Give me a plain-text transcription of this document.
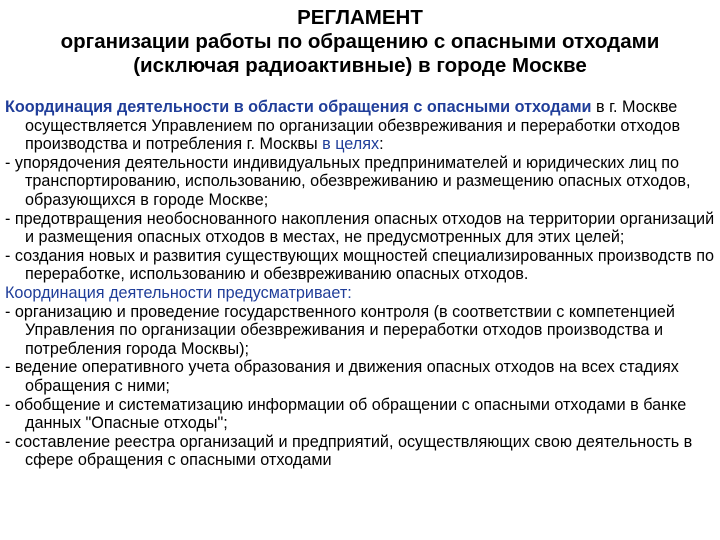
РЕГЛАМЕНТ
организации работы по обращению с опасными отходами
(исключая радиоактивные) в городе Москве
Координация деятельности в области обращения с опасными отходами в г. Москве осуществляется Управлением по организации обезвреживания и переработки отходов производства и потребления г. Москвы в целях:
- упорядочения деятельности индивидуальных предпринимателей и юридических лиц по транспортированию, использованию, обезвреживанию и размещению опасных отходов, образующихся в городе Москве;
- предотвращения необоснованного накопления опасных отходов на территории организаций и размещения опасных отходов в местах, не предусмотренных для этих целей;
- создания новых и развития существующих мощностей специализированных производств по переработке, использованию и обезвреживанию опасных отходов.
Координация деятельности предусматривает:
- организацию и проведение государственного контроля (в соответствии с компетенцией Управления по организации обезвреживания и переработки отходов производства и потребления города Москвы);
- ведение оперативного учета образования и движения опасных отходов на всех стадиях обращения с ними;
- обобщение и систематизацию информации об обращении с опасными отходами в банке данных "Опасные отходы";
- составление реестра организаций и предприятий, осуществляющих свою деятельность в сфере обращения с опасными отходами
